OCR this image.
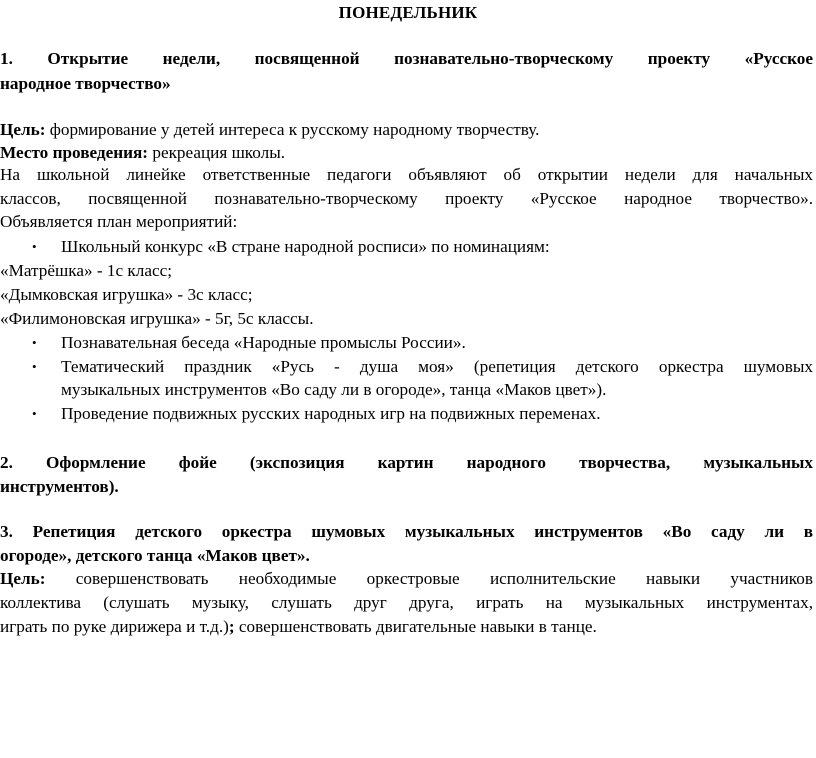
ПОНЕДЕЛЬНИК
1. Открытие недели, посвященной познавательно-творческому проекту «Русское
народное творчество»
Цель: формирование у детей интереса к русскому народному творчеству.
Место проведения: рекреация школы.
На школьной линейке ответственные педагоги объявляют об открытии недели для начальных
классов, посвященной познавательно-творческому проекту «Русское народное творчество».
Объявляется план мероприятий:
• Школьный конкурс «В стране народной росписи» по номинациям:
«Матрёшка» - 1с класс;
«Дымковская игрушка» - 3с класс;
«Филимоновская игрушка» - 5г, 5с классы.
• Познавательная беседа «Народные промыслы России».
• Тематический праздник «Русь - душа моя» (репетиция детского оркестра шумовых
музыкальных инструментов «Во саду ли в огороде», танца «Маков цвет»).
• Проведение подвижных русских народных игр на подвижных переменах.
2. Оформление фойе (экспозиция картин народного творчества, музыкальных
инструментов).
3. Репетиция детского оркестра шумовых музыкальных инструментов «Во саду ли в
огороде», детского танца «Маков цвет».
Цель: совершенствовать необходимые оркестровые исполнительские навыки участников
коллектива (слушать музыку, слушать друг друга, играть на музыкальных инструментах,
играть по руке дирижера и т.д.); совершенствовать двигательные навыки в танце.
